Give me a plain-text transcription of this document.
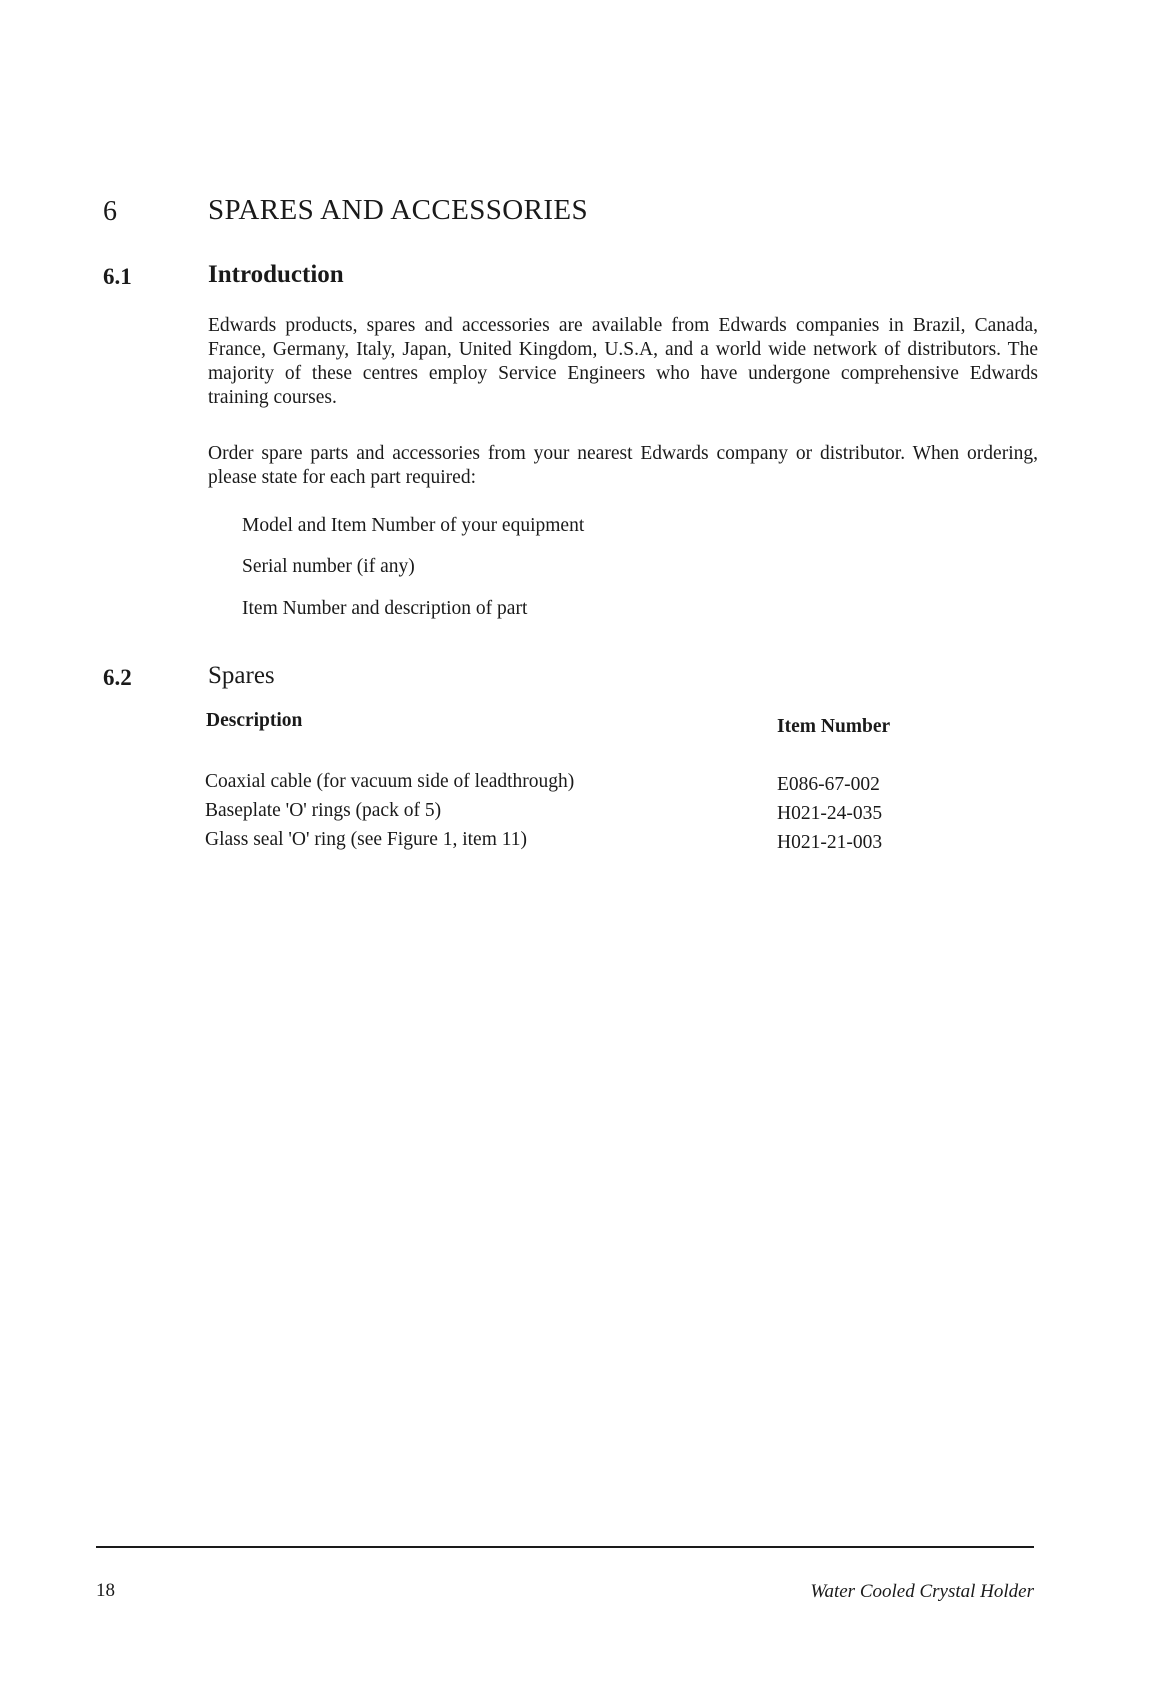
6	SPARES AND ACCESSORIES
6.1	Introduction
Edwards products, spares and accessories are available from Edwards companies in Brazil, Canada, France, Germany, Italy, Japan, United Kingdom, U.S.A, and a world wide network of distributors. The majority of these centres employ Service Engineers who have undergone comprehensive Edwards training courses.
Order spare parts and accessories from your nearest Edwards company or distributor. When ordering, please state for each part required:
Model and Item Number of your equipment
Serial number (if any)
Item Number and description of part
6.2	Spares
Description	Item Number
Coaxial cable (for vacuum side of leadthrough)	E086-67-002
Baseplate 'O' rings (pack of 5)	H021-24-035
Glass seal 'O' ring (see Figure 1, item 11)	H021-21-003
18	Water Cooled Crystal Holder
